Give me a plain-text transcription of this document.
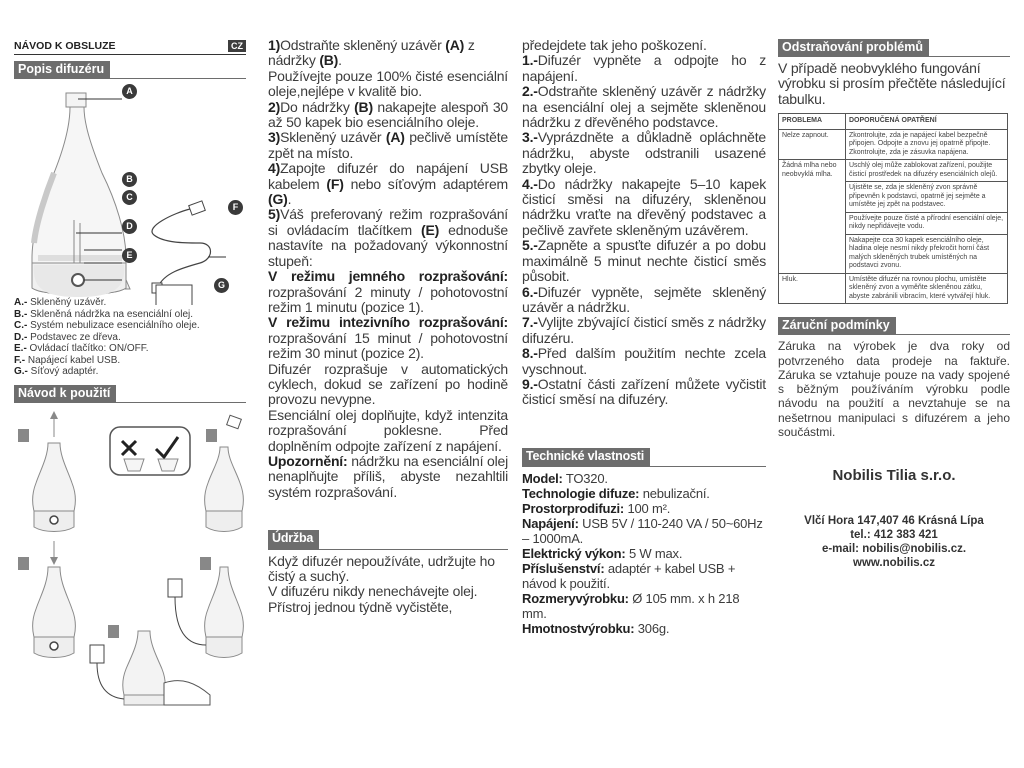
NÁVOD K OBSLUZE	CZ
Popis difuzéru
A
B
C
D
E
F
G

A.- Skleněný uzávěr.

B.- Skleněná nádržka na esenciální olej.

C.- Systém nebulizace esenciálního oleje.

D.- Podstavec ze dřeva.

E.- Ovládací tlačítko: ON/OFF.

F.- Napájecí kabel USB.

G.- Síťový adaptér.

Návod k použití
1	2
3	4
5

1)Odstraňte skleněný uzávěr (A) z nádržky (B).

Používejte pouze 100% čisté esenciální oleje,nejlépe v kvalitě bio.

2)Do nádržky (B) nakapejte alespoň 30 až 50 kapek bio esenciálního oleje.

3)Skleněný uzávěr (A) pečlivě umístěte zpět na místo.

4)Zapojte difuzér do napájení USB kabelem (F) nebo síťovým adaptérem (G).

5)Váš preferovaný režim rozprašování si ovládacím tlačítkem (E) ednoduše nastavíte na požadovaný výkonnostní stupeň:

V režimu jemného rozprašování: rozprašování 2 minuty / pohotovostní režim 1 minutu (pozice 1).

V režimu intezivního rozprašování: rozprašování 15 minut / pohotovostní režim 30 minut (pozice 2).

Difuzér rozprašuje v automatických cyklech, dokud se zařízení po hodině provozu nevypne.

Esenciální olej doplňujte, když intenzita rozprašování poklesne. Před doplněním odpojte zařízení z napájení.

Upozornění: nádržku na esenciální olej nenaplňujte příliš, abyste nezahltili systém rozprašování.

Údržba

Když difuzér nepoužíváte, udržujte ho čistý a suchý.

V difuzéru nikdy nenechávejte olej. Přístroj jednou týdně vyčistěte,

předejdete tak jeho poškození.

1.-Difuzér vypněte a odpojte ho z napájení.

2.-Odstraňte skleněný uzávěr z nádržky na esenciální olej a sejměte skleněnou nádržku z dřevěného podstavce.

3.-Vyprázdněte a důkladně opláchněte nádržku, abyste odstranili usazené zbytky oleje.

4.-Do nádržky nakapejte 5–10 kapek čisticí směsi na difuzéry, skleněnou nádržku vraťte na dřevěný podstavec a pečlivě zavřete skleněným uzávěrem.

5.-Zapněte a spusťte difuzér a po dobu maximálně 5 minut nechte čisticí směs působit.

6.-Difuzér vypněte, sejměte skleněný uzávěr a nádržku.

7.-Vylijte zbývající čisticí směs z nádržky difuzéru.

8.-Před dalším použitím nechte zcela vyschnout.

9.-Ostatní části zařízení můžete vyčistit čisticí směsí na difuzéry.

Technické vlastnosti

Model: TO320.

Technologie difuze: nebulizační.

Prostorprodifuzi: 100 m².

Napájení: USB 5V / 110-240 VA / 50~60Hz – 1000mA.

Elektrický výkon: 5 W max.

Příslušenství: adaptér + kabel USB + návod k použití.

Rozmeryvýrobku: Ø 105 mm. x h 218 mm.

Hmotnostvýrobku: 306g.

Odstraňování problémů

V případě neobvyklého fungování výrobku si prosím přečtěte následující tabulku.

PROBLEMA	DOPORUČENÁ OPATŘENÍ
Nelze zapnout.	Zkontrolujte, zda je napájecí kabel bezpečně připojen. Odpojte a znovu jej opatrně připojte. Zkontrolujte, zda je zásuvka napájena.
Žádná mlha nebo neobvyklá mlha.	Uschlý olej může zablokovat zařízení, použijte čisticí prostředek na difuzéry esenciálních olejů.
	Ujistěte se, zda je skleněný zvon správně připevněn k podstavci, opatrně jej sejměte a umístěte jej zpět na podstavec.
	Používejte pouze čisté a přírodní esenciální oleje, nikdy nepřidávejte vodu.
	Nakapejte cca 30 kapek esenciálního oleje, hladina oleje nesmí nikdy překročit horní část malých skleněných trubek umístěných na podstavci zvonu.
Hluk.	Umístěte difuzér na rovnou plochu, umístěte skleněný zvon a vyměňte skleněnou zátku, abyste zabránili vibracím, které vytvářejí hluk.
Záruční podmínky

Záruka na výrobek je dva roky od potvrzeného data prodeje na faktuře. Záruka se vztahuje pouze na vady spojené s běžným používáním výrobku podle návodu na použití a nevztahuje se na nešetrnou manipulaci s difuzérem a jeho součástmi.

Nobilis Tilia s.r.o.

Vlčí Hora 147,407 46 Krásná Lípa
tel.: 412 383 421
e-mail: nobilis@nobilis.cz.
www.nobilis.cz
